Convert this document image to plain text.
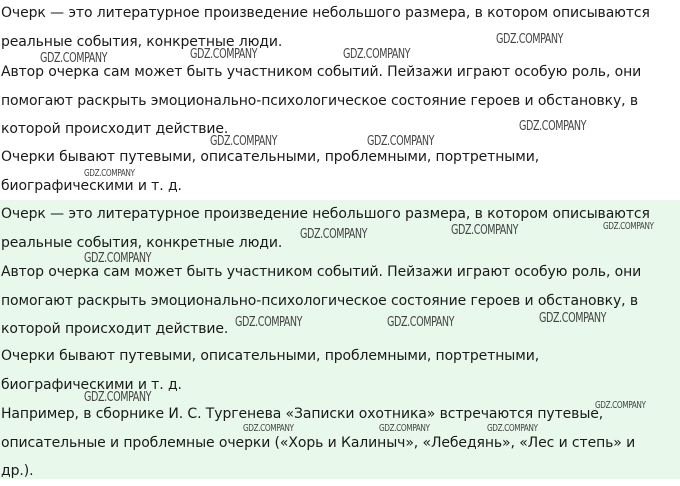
Очерк — это литературное произведение небольшого размера, в котором описываются реальные события, конкретные люди.

Автор очерка сам может быть участником событий. Пейзажи играют особую роль, они помогают раскрыть эмоционально-психологическое состояние героев и обстановку, в которой происходит действие.

Очерки бывают путевыми, описательными, проблемными, портретными, биографическими и т. д.

Очерк — это литературное произведение небольшого размера, в котором описываются реальные события, конкретные люди.

Автор очерка сам может быть участником событий. Пейзажи играют особую роль, они помогают раскрыть эмоционально-психологическое состояние героев и обстановку, в которой происходит действие.

Очерки бывают путевыми, описательными, проблемными, портретными, биографическими и т. д.

Например, в сборнике И. С. Тургенева «Записки охотника» встречаются путевые, описательные и проблемные очерки («Хорь и Калиныч», «Лебедянь», «Лес и степь» и др.).

GDZ.COMPANY
GDZ.COMPANY	GDZ.COMPANY
GDZ.COMPANY
GDZ.COMPANY
GDZ.COMPANY	GDZ.COMPANY
GDZ.COMPANY
GDZ.COMPANY	GDZ.COMPANY	GDZ.COMPANY
GDZ.COMPANY
GDZ.COMPANY	GDZ.COMPANY	GDZ.COMPANY
GDZ.COMPANY
GDZ.COMPANY
GDZ.COMPANY	GDZ.COMPANY	GDZ.COMPANY
